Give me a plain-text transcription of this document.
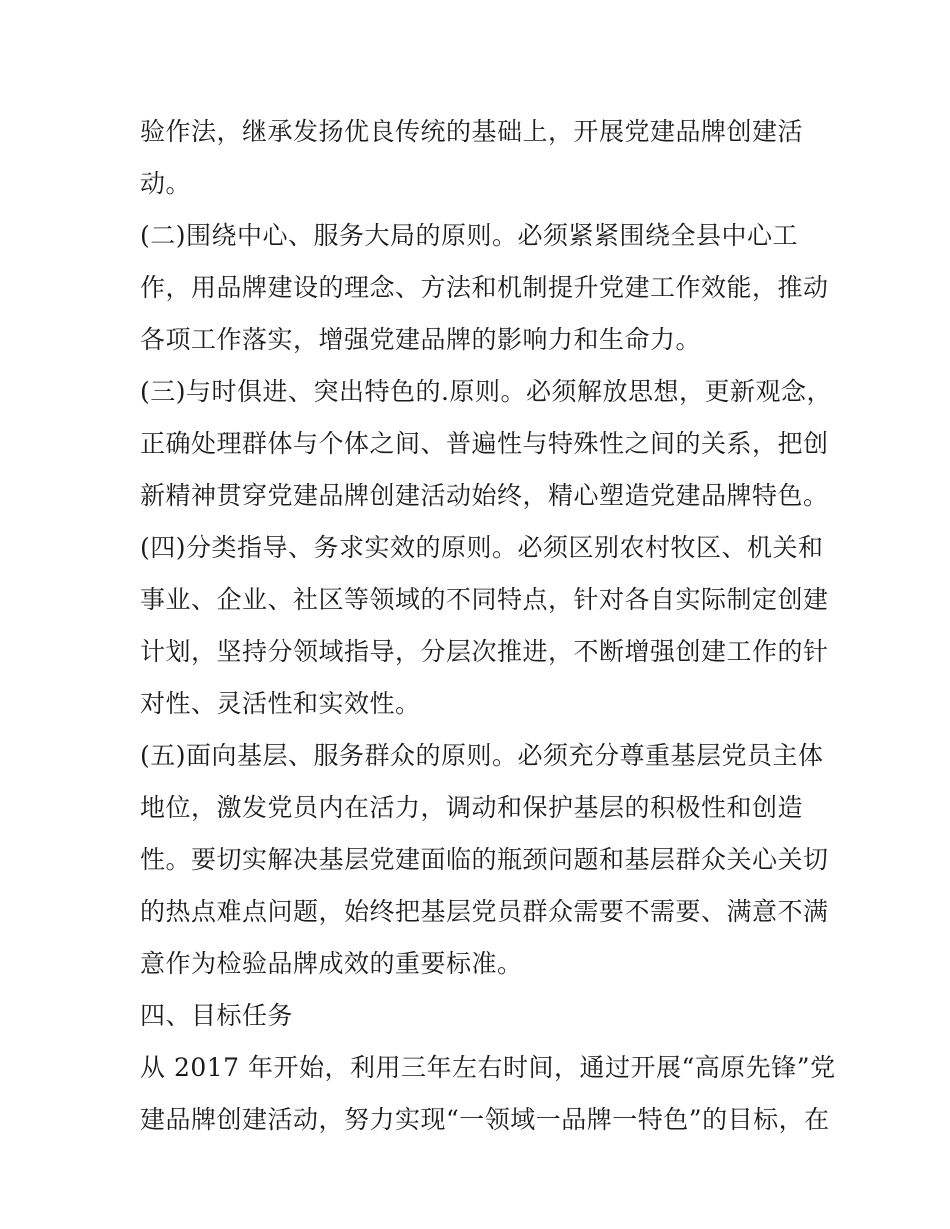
验作法，继承发扬优良传统的基础上，开展党建品牌创建活
动。
(二)围绕中心、服务大局的原则。必须紧紧围绕全县中心工
作，用品牌建设的理念、方法和机制提升党建工作效能，推动
各项工作落实，增强党建品牌的影响力和生命力。
(三)与时俱进、突出特色的.原则。必须解放思想，更新观念，
正确处理群体与个体之间、普遍性与特殊性之间的关系，把创
新精神贯穿党建品牌创建活动始终，精心塑造党建品牌特色。
(四)分类指导、务求实效的原则。必须区别农村牧区、机关和
事业、企业、社区等领域的不同特点，针对各自实际制定创建
计划，坚持分领域指导，分层次推进，不断增强创建工作的针
对性、灵活性和实效性。
(五)面向基层、服务群众的原则。必须充分尊重基层党员主体
地位，激发党员内在活力，调动和保护基层的积极性和创造
性。要切实解决基层党建面临的瓶颈问题和基层群众关心关切
的热点难点问题，始终把基层党员群众需要不需要、满意不满
意作为检验品牌成效的重要标准。
四、目标任务
从 2017 年开始，利用三年左右时间，通过开展“高原先锋”党
建品牌创建活动，努力实现“一领域一品牌一特色”的目标，在
